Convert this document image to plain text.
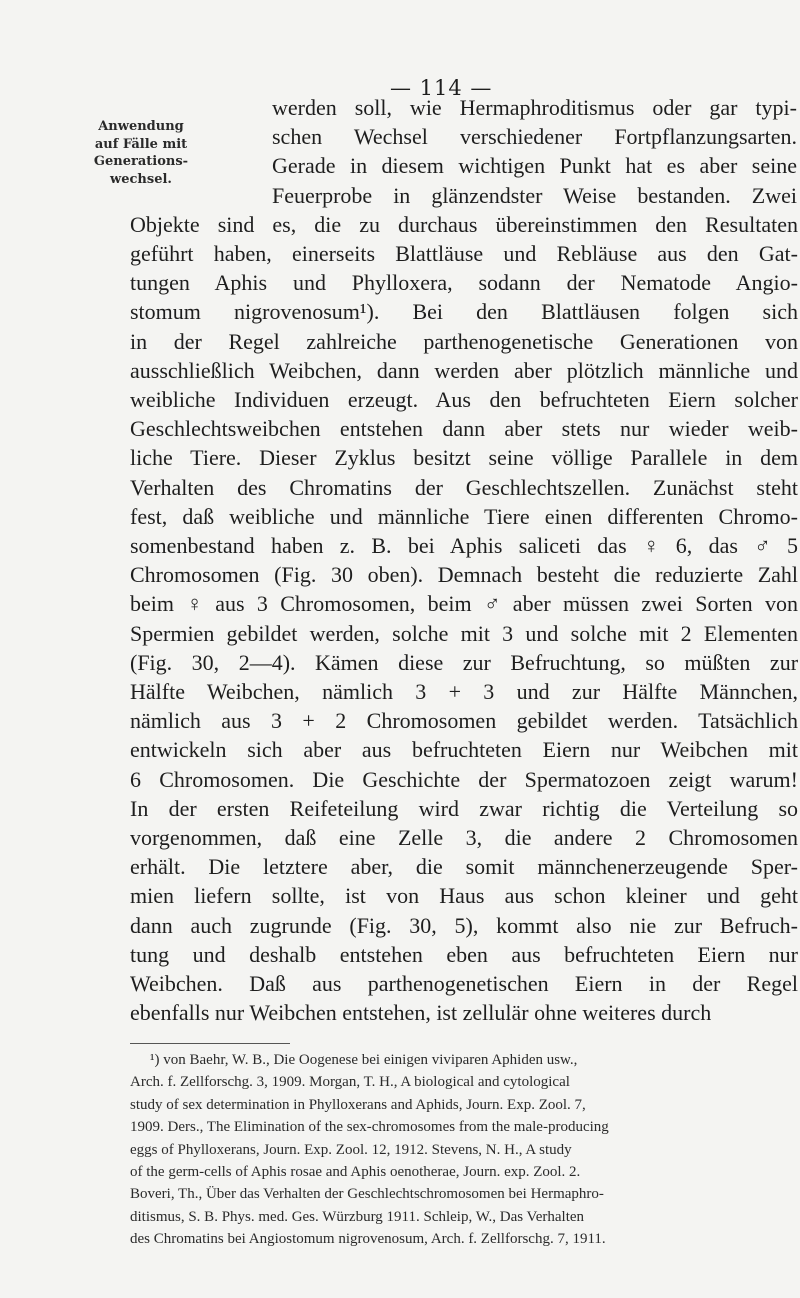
— 114 —
Anwendung
auf Fälle mit
Generations-
wechsel.
werden soll, wie Hermaphroditismus oder gar typi-
schen Wechsel verschiedener Fortpflanzungsarten.
Gerade in diesem wichtigen Punkt hat es aber seine
Feuerprobe in glänzendster Weise bestanden. Zwei
Objekte sind es, die zu durchaus übereinstimmen den Resultaten
geführt haben, einerseits Blattläuse und Rebläuse aus den Gat-
tungen Aphis und Phylloxera, sodann der Nematode Angio-
stomum nigrovenosum¹). Bei den Blattläusen folgen sich
in der Regel zahlreiche parthenogenetische Generationen von
ausschließlich Weibchen, dann werden aber plötzlich männliche und
weibliche Individuen erzeugt. Aus den befruchteten Eiern solcher
Geschlechtsweibchen entstehen dann aber stets nur wieder weib-
liche Tiere. Dieser Zyklus besitzt seine völlige Parallele in dem
Verhalten des Chromatins der Geschlechtszellen. Zunächst steht
fest, daß weibliche und männliche Tiere einen differenten Chromo-
somenbestand haben z. B. bei Aphis saliceti das ♀ 6, das ♂ 5
Chromosomen (Fig. 30 oben). Demnach besteht die reduzierte Zahl
beim ♀ aus 3 Chromosomen, beim ♂ aber müssen zwei Sorten von
Spermien gebildet werden, solche mit 3 und solche mit 2 Elementen
(Fig. 30, 2—4). Kämen diese zur Befruchtung, so müßten zur
Hälfte Weibchen, nämlich 3 + 3 und zur Hälfte Männchen,
nämlich aus 3 + 2 Chromosomen gebildet werden. Tatsächlich
entwickeln sich aber aus befruchteten Eiern nur Weibchen mit
6 Chromosomen. Die Geschichte der Spermatozoen zeigt warum!
In der ersten Reifeteilung wird zwar richtig die Verteilung so
vorgenommen, daß eine Zelle 3, die andere 2 Chromosomen
erhält. Die letztere aber, die somit männchenerzeugende Sper-
mien liefern sollte, ist von Haus aus schon kleiner und geht
dann auch zugrunde (Fig. 30, 5), kommt also nie zur Befruch-
tung und deshalb entstehen eben aus befruchteten Eiern nur
Weibchen. Daß aus parthenogenetischen Eiern in der Regel
ebenfalls nur Weibchen entstehen, ist zellulär ohne weiteres durch
¹) von Baehr, W. B., Die Oogenese bei einigen viviparen Aphiden usw.,
Arch. f. Zellforschg. 3, 1909. Morgan, T. H., A biological and cytological
study of sex determination in Phylloxerans and Aphids, Journ. Exp. Zool. 7,
1909. Ders., The Elimination of the sex-chromosomes from the male-producing
eggs of Phylloxerans, Journ. Exp. Zool. 12, 1912. Stevens, N. H., A study
of the germ-cells of Aphis rosae and Aphis oenotherae, Journ. exp. Zool. 2.
Boveri, Th., Über das Verhalten der Geschlechtschromosomen bei Hermaphro-
ditismus, S. B. Phys. med. Ges. Würzburg 1911. Schleip, W., Das Verhalten
des Chromatins bei Angiostomum nigrovenosum, Arch. f. Zellforschg. 7, 1911.
